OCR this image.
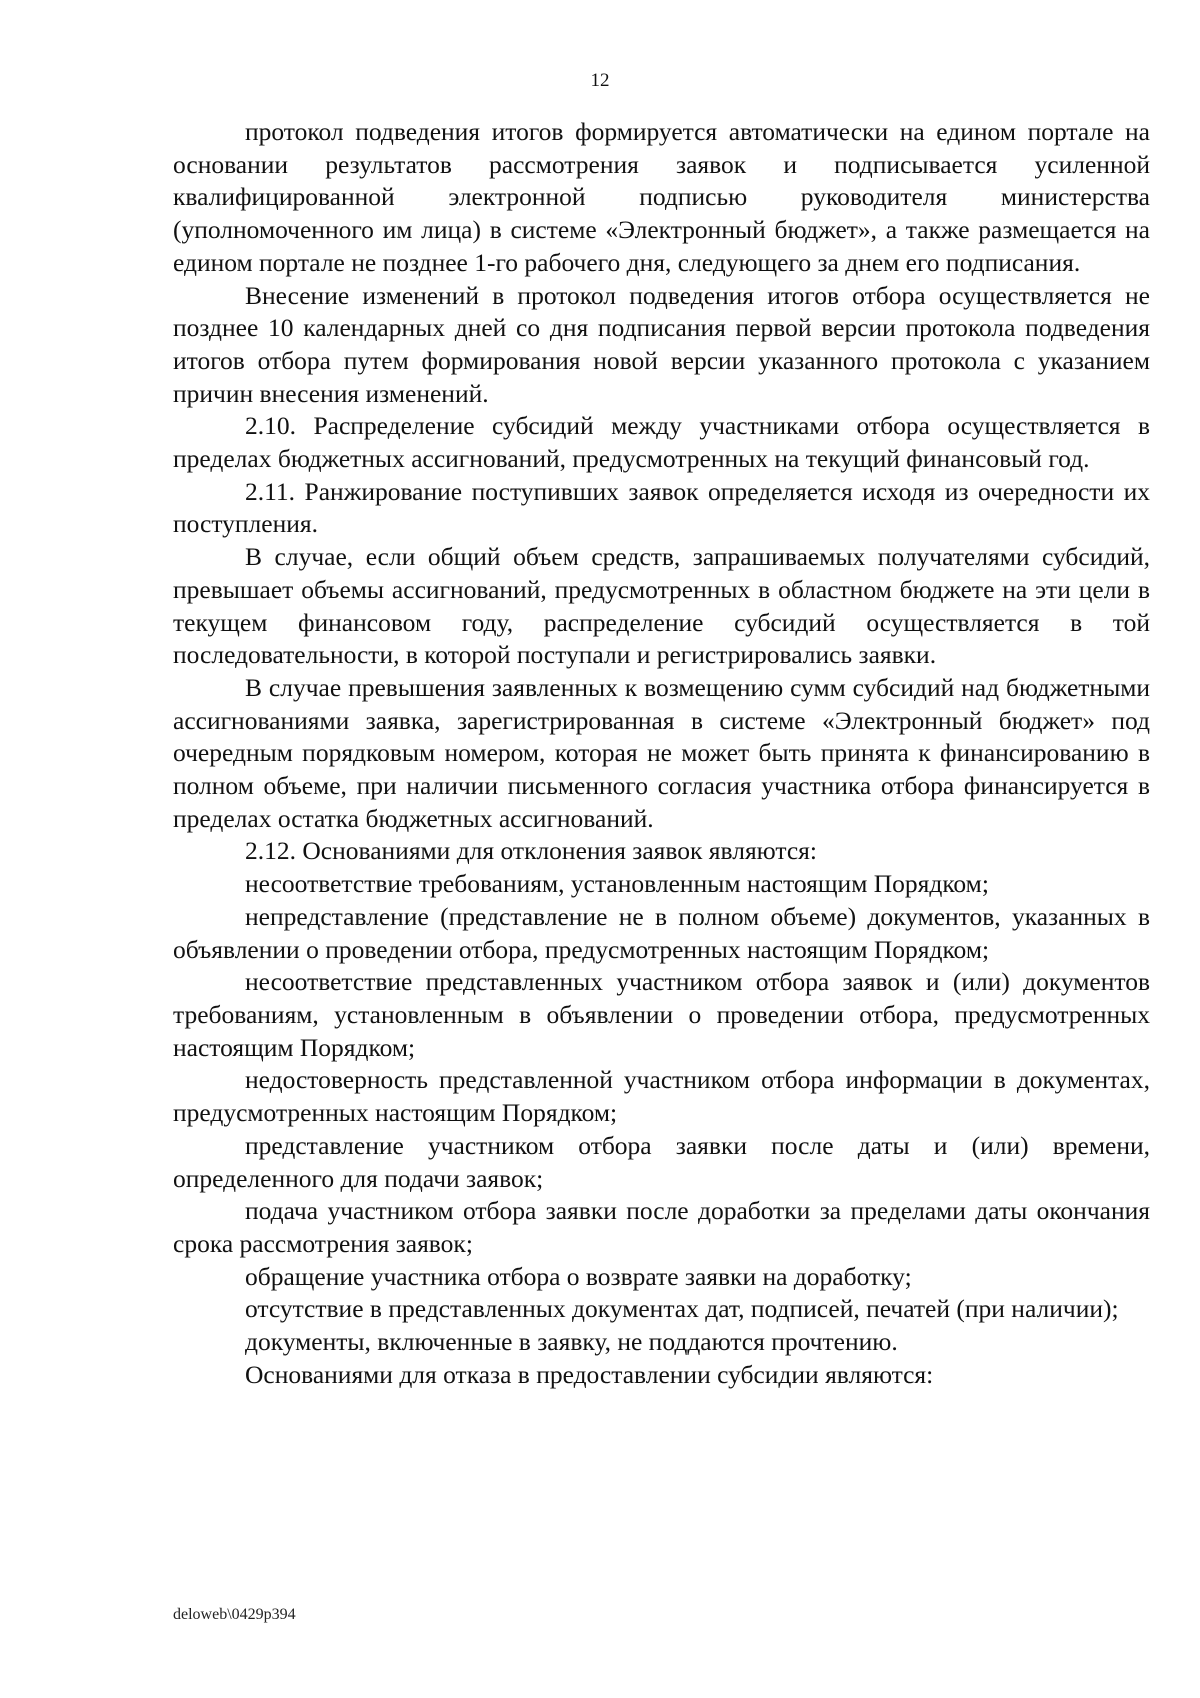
12

протокол подведения итогов формируется автоматически на едином портале на основании результатов рассмотрения заявок и подписывается усиленной квалифицированной электронной подписью руководителя министерства (уполномоченного им лица) в системе «Электронный бюджет», а также размещается на едином портале не позднее 1-го рабочего дня, следующего за днем его подписания.

Внесение изменений в протокол подведения итогов отбора осуществляется не позднее 10 календарных дней со дня подписания первой версии протокола подведения итогов отбора путем формирования новой версии указанного протокола с указанием причин внесения изменений.

2.10. Распределение субсидий между участниками отбора осуществляется в пределах бюджетных ассигнований, предусмотренных на текущий финансовый год.

2.11. Ранжирование поступивших заявок определяется исходя из очередности их поступления.

В случае, если общий объем средств, запрашиваемых получателями субсидий, превышает объемы ассигнований, предусмотренных в областном бюджете на эти цели в текущем финансовом году, распределение субсидий осуществляется в той последовательности, в которой поступали и регистрировались заявки.

В случае превышения заявленных к возмещению сумм субсидий над бюджетными ассигнованиями заявка, зарегистрированная в системе «Электронный бюджет» под очередным порядковым номером, которая не может быть принята к финансированию в полном объеме, при наличии письменного согласия участника отбора финансируется в пределах остатка бюджетных ассигнований.

2.12. Основаниями для отклонения заявок являются:

несоответствие требованиям, установленным настоящим Порядком;

непредставление (представление не в полном объеме) документов, указанных в объявлении о проведении отбора, предусмотренных настоящим Порядком;

несоответствие представленных участником отбора заявок и (или) документов требованиям, установленным в объявлении о проведении отбора, предусмотренных настоящим Порядком;

недостоверность представленной участником отбора информации в документах, предусмотренных настоящим Порядком;

представление участником отбора заявки после даты и (или) времени, определенного для подачи заявок;

подача участником отбора заявки после доработки за пределами даты окончания срока рассмотрения заявок;

обращение участника отбора о возврате заявки на доработку;

отсутствие в представленных документах дат, подписей, печатей (при наличии);

документы, включенные в заявку, не поддаются прочтению.

Основаниями для отказа в предоставлении субсидии являются:

deloweb\0429p394
